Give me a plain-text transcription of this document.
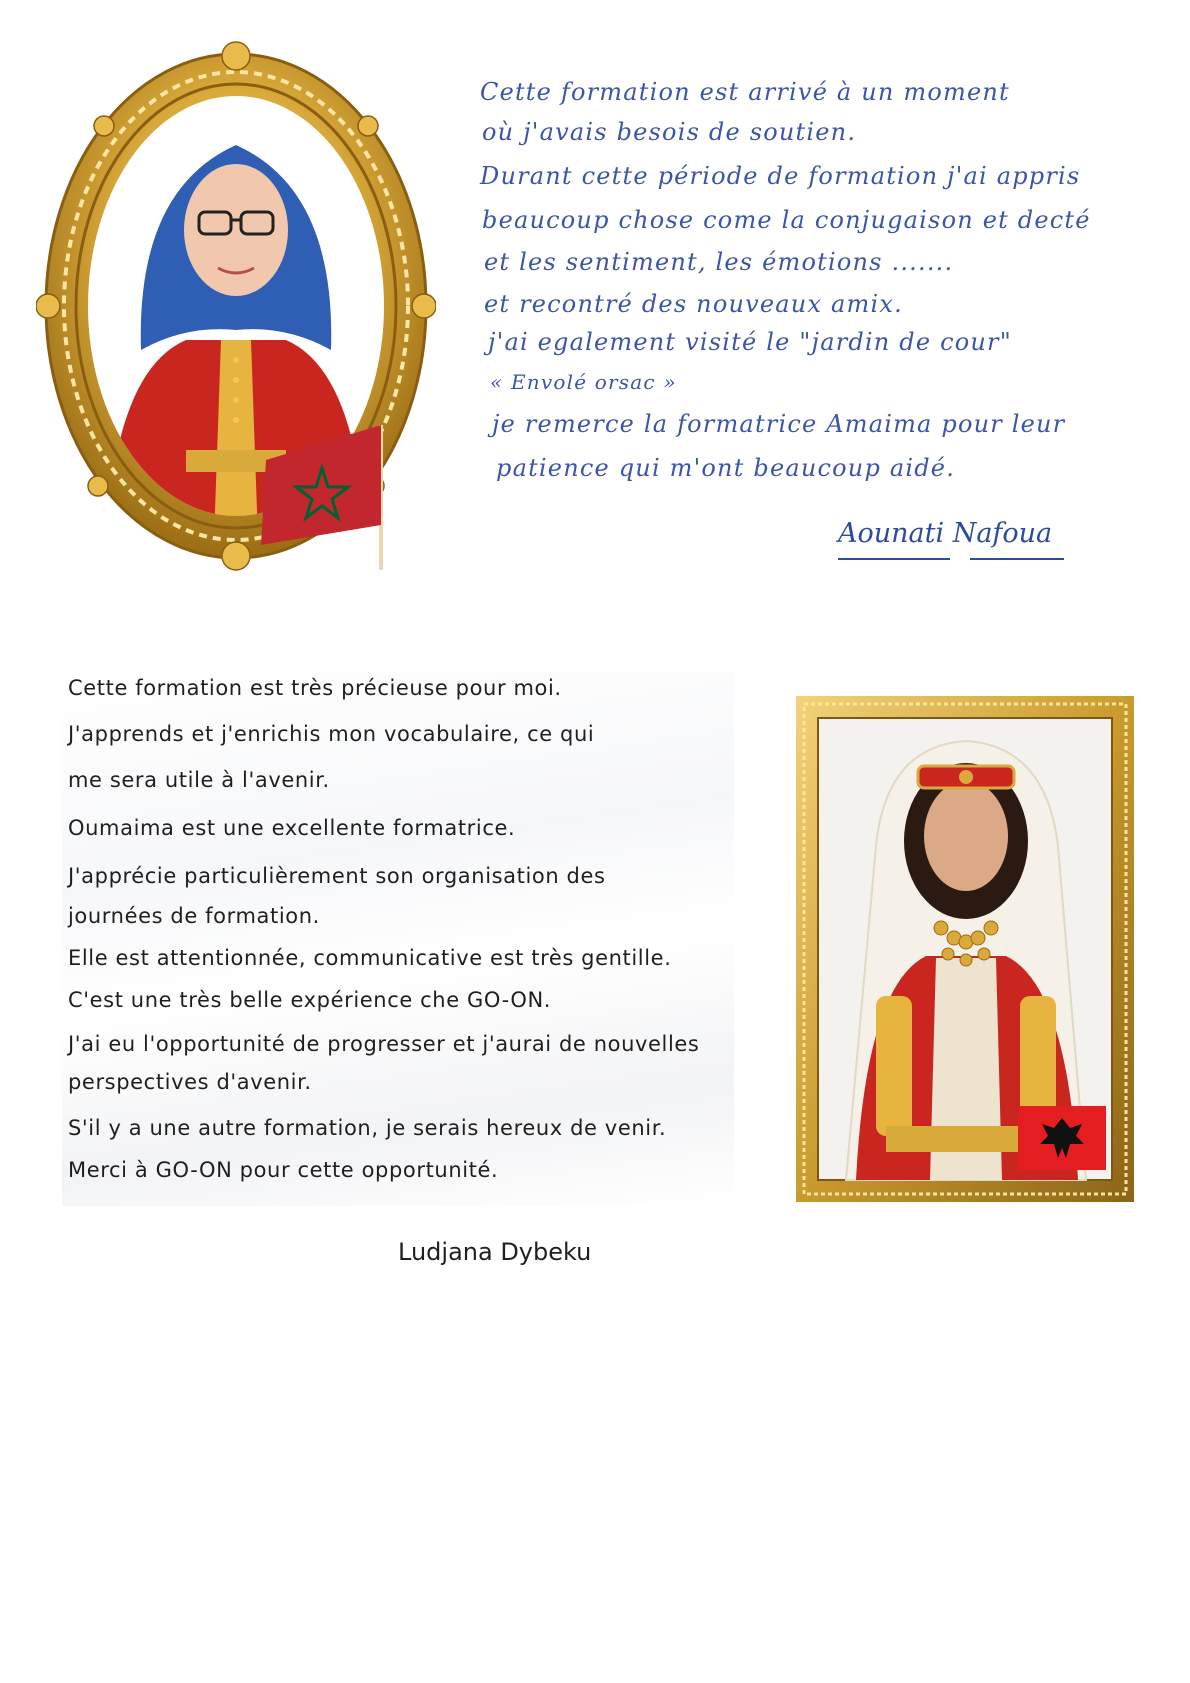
Cette formation est arrivé à un moment
où j'avais besois de soutien.
Durant cette période de formation j'ai appris
beaucoup chose come la conjugaison et decté
et les sentiment, les émotions .......
et recontré des nouveaux amix.
j'ai egalement visité le "jardin de cour"
« Envolé orsac »
je remerce la formatrice Amaima pour leur
patience qui m'ont beaucoup aidé.
Aounati Nafoua
Cette formation est très précieuse pour moi.
J'apprends et j'enrichis mon vocabulaire, ce qui
me sera utile à l'avenir.
Oumaima est une excellente formatrice.
J'apprécie particulièrement son organisation des
journées de formation.
Elle est attentionnée, communicative est très gentille.
C'est une très belle expérience che GO-ON.
J'ai eu l'opportunité de progresser et j'aurai de nouvelles
perspectives d'avenir.
S'il y a une autre formation, je serais hereux de venir.
Merci à GO-ON pour cette opportunité.
Ludjana Dybeku
